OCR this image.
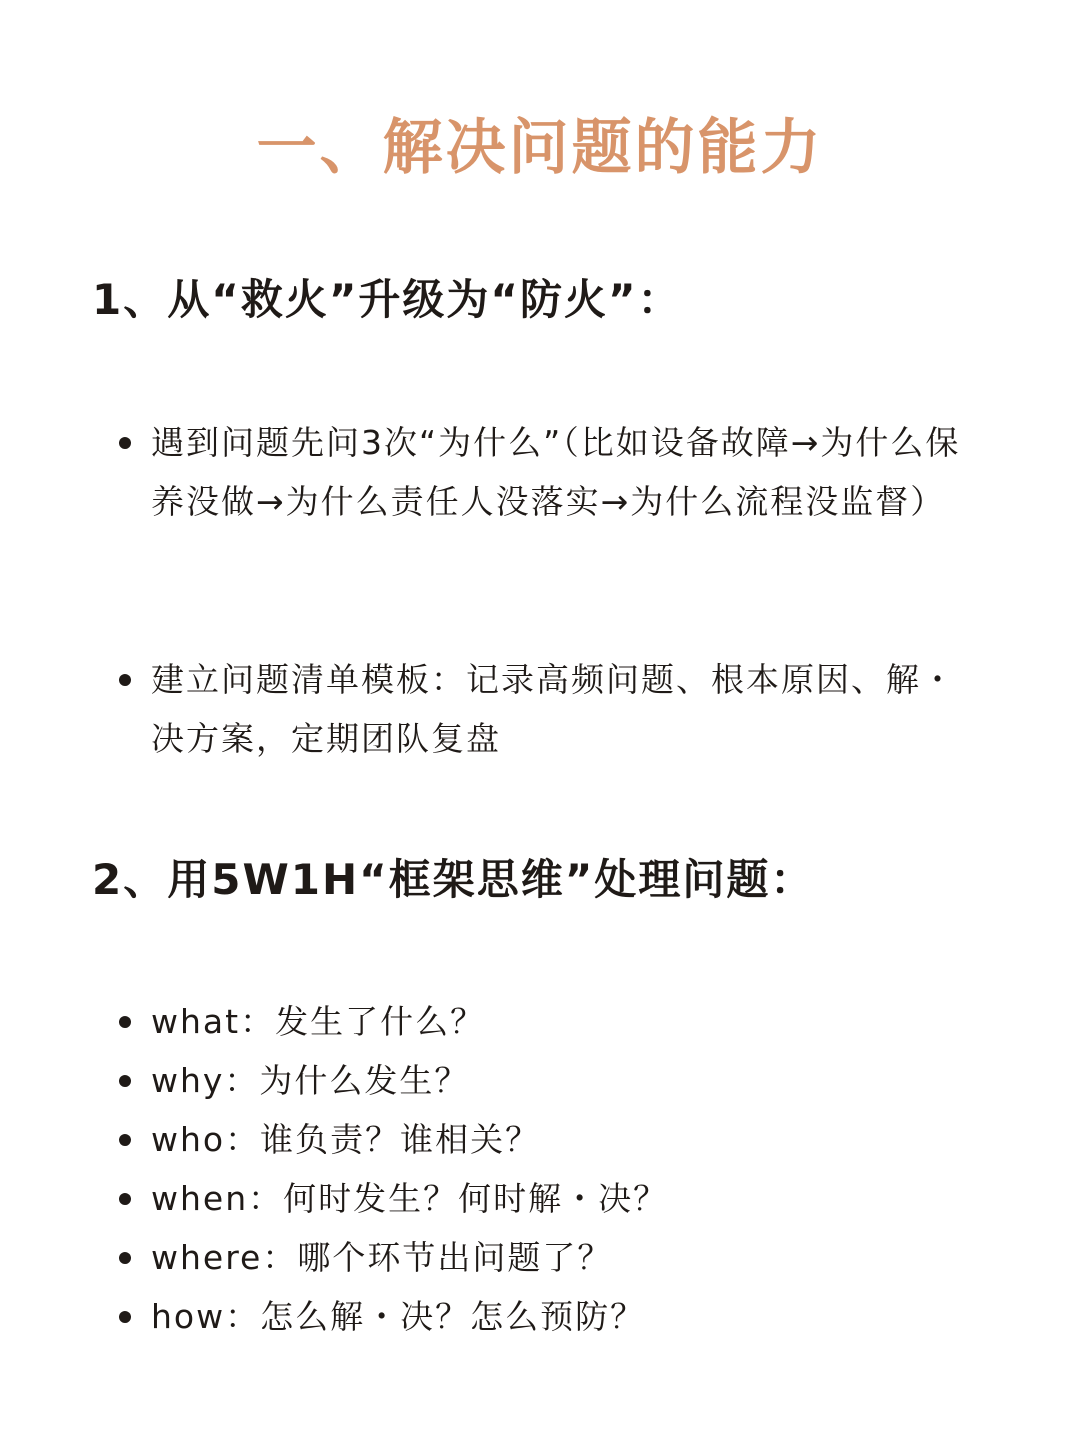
一、解决问题的能力
1、从“救火”升级为“防火”：
遇到问题先问3次“为什么”（比如设备故障→为什么保养没做→为什么责任人没落实→为什么流程没监督）
建立问题清单模板：记录高频问题、根本原因、解・决方案，定期团队复盘
2、用5W1H“框架思维”处理问题：
what：发生了什么？
why：为什么发生？
who：谁负责？谁相关？
when：何时发生？何时解・决？
where：哪个环节出问题了？
how：怎么解・决？怎么预防？
